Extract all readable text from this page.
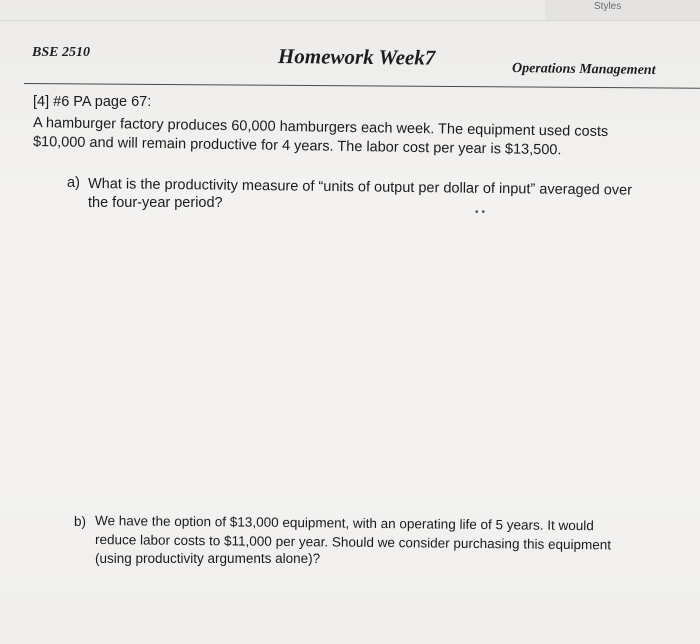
Styles
BSE 2510	Homework Week7	Operations Management
[4] #6 PA page 67:
A hamburger factory produces 60,000 hamburgers each week. The equipment used costs
$10,000 and will remain productive for 4 years. The labor cost per year is $13,500.
a) What is the productivity measure of “units of output per dollar of input” averaged over
the four-year period?
••
b) We have the option of $13,000 equipment, with an operating life of 5 years. It would
reduce labor costs to $11,000 per year. Should we consider purchasing this equipment
(using productivity arguments alone)?
